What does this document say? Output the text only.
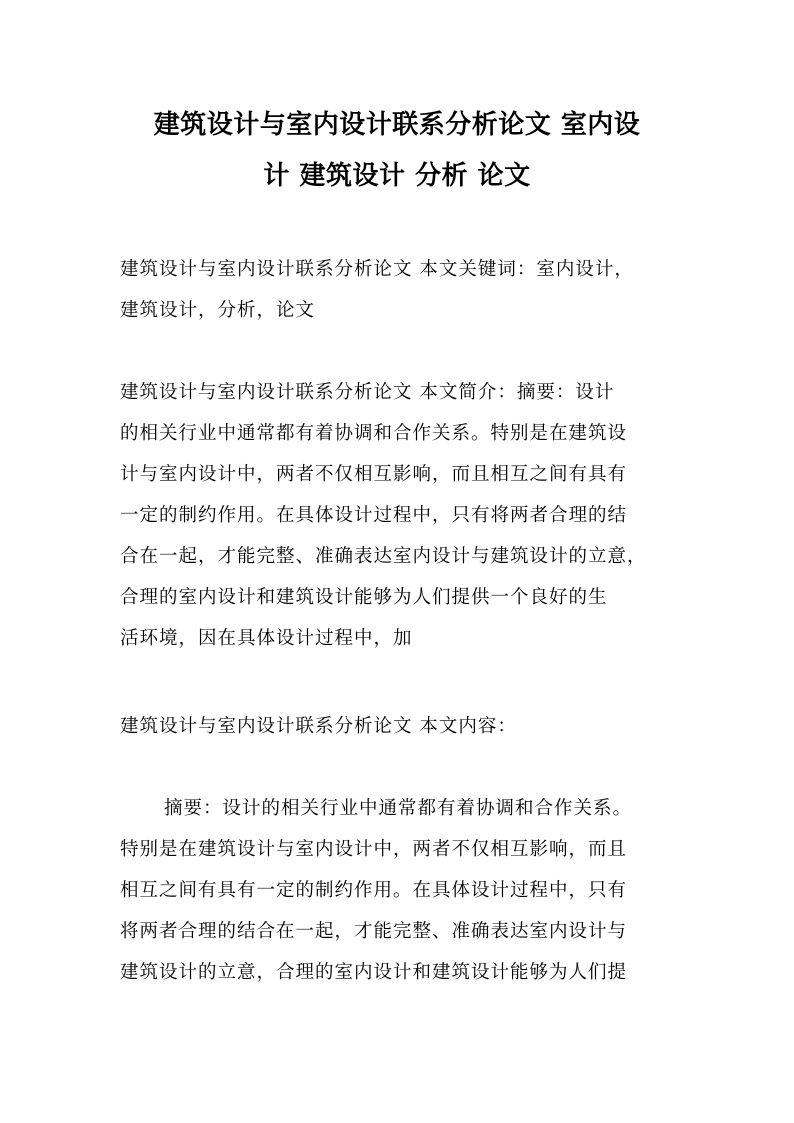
建筑设计与室内设计联系分析论文 室内设
计 建筑设计 分析 论文

建筑设计与室内设计联系分析论文 本文关键词：室内设计，
建筑设计，分析，论文

建筑设计与室内设计联系分析论文 本文简介：摘要：设计
的相关行业中通常都有着协调和合作关系。特别是在建筑设
计与室内设计中，两者不仅相互影响，而且相互之间有具有
一定的制约作用。在具体设计过程中，只有将两者合理的结
合在一起，才能完整、准确表达室内设计与建筑设计的立意，
合理的室内设计和建筑设计能够为人们提供一个良好的生
活环境，因在具体设计过程中，加

建筑设计与室内设计联系分析论文 本文内容：

摘要：设计的相关行业中通常都有着协调和合作关系。
特别是在建筑设计与室内设计中，两者不仅相互影响，而且
相互之间有具有一定的制约作用。在具体设计过程中，只有
将两者合理的结合在一起，才能完整、准确表达室内设计与
建筑设计的立意，合理的室内设计和建筑设计能够为人们提
